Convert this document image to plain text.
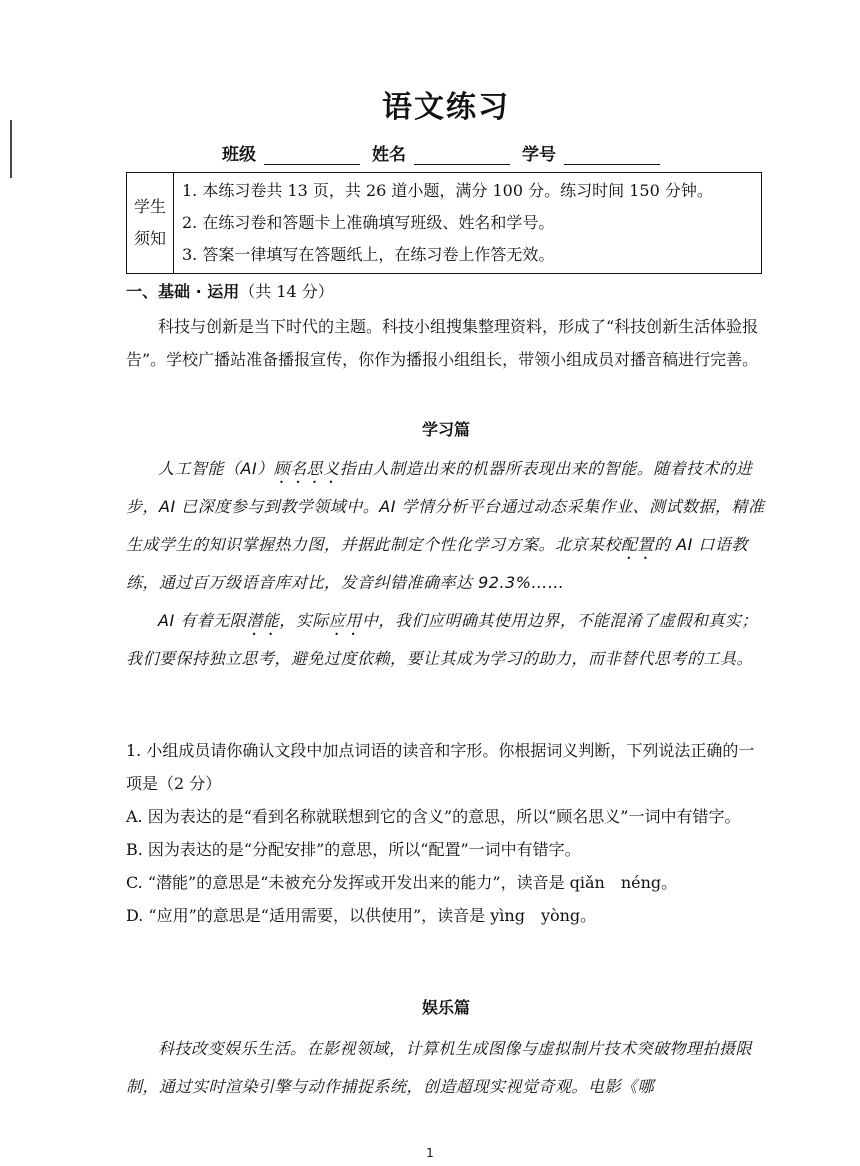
语文练习
班级	姓名	学号
学生
须知

1. 本练习卷共 13 页，共 26 道小题，满分 100 分。练习时间 150 分钟。
2. 在练习卷和答题卡上准确填写班级、姓名和学号。
3. 答案一律填写在答题纸上，在练习卷上作答无效。
一、基础 · 运用（共 14 分）

科技与创新是当下时代的主题。科技小组搜集整理资料，形成了“科技创新生活体验报告”。学校广播站准备播报宣传，你作为播报小组组长，带领小组成员对播音稿进行完善。

学习篇

人工智能（AI）顾名思义指由人制造出来的机器所表现出来的智能。随着技术的进步，AI 已深度参与到教学领域中。AI 学情分析平台通过动态采集作业、测试数据，精准生成学生的知识掌握热力图，并据此制定个性化学习方案。北京某校配置的 AI 口语教练，通过百万级语音库对比，发音纠错准确率达 92.3%……

AI 有着无限潜能，实际应用中，我们应明确其使用边界，不能混淆了虚假和真实；我们要保持独立思考，避免过度依赖，要让其成为学习的助力，而非替代思考的工具。

1. 小组成员请你确认文段中加点词语的读音和字形。你根据词义判断，下列说法正确的一项是（2 分）

A. 因为表达的是“看到名称就联想到它的含义”的意思，所以“顾名思义”一词中有错字。

B. 因为表达的是“分配安排”的意思，所以“配置”一词中有错字。

C. “潜能”的意思是“未被充分发挥或开发出来的能力”，读音是 qiǎn　néng。

D. “应用”的意思是“适用需要，以供使用”，读音是 yìng　yòng。

娱乐篇

科技改变娱乐生活。在影视领域，计算机生成图像与虚拟制片技术突破物理拍摄限制，通过实时渲染引擎与动作捕捉系统，创造超现实视觉奇观。电影《哪

1
